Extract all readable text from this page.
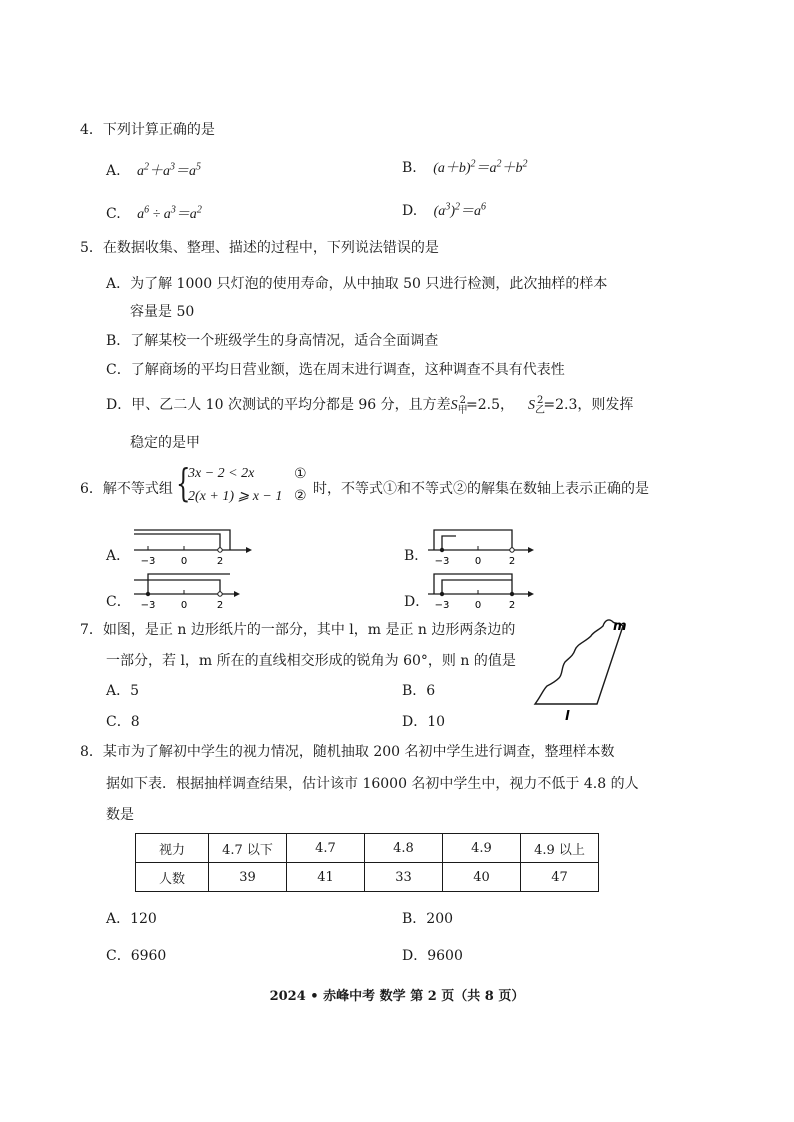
4．下列计算正确的是
A. $a^2+a^3=a^5$	B. $(a+b)^2=a^2+b^2$
C. $a^6 \div a^3=a^2$	D. $(a^3)^2=a^6$
5．在数据收集、整理、描述的过程中，下列说法错误的是
A．为了解 1000 只灯泡的使用寿命，从中抽取 50 只进行检测，此次抽样的样本
容量是 50
B．了解某校一个班级学生的身高情况，适合全面调查
C．了解商场的平均日营业额，选在周末进行调查，这种调查不具有代表性
D．甲、乙二人 10 次测试的平均分都是 96 分，且方差$S_甲^2=2.5$， $S_乙^2=2.3$，则发挥
稳定的是甲
6．解不等式组 {
3x − 2 < 2x	①
2(x + 1) ⩾ x − 1 ② 时，不等式①和不等式②的解集在数轴上表示正确的是
A．	B．
C．	D．
−3	0	2	−3	0	2
−3	0	2	−3	0	2
7．如图，是正 n 边形纸片的一部分，其中 l，m 是正 n 边形两条边的
一部分，若 l，m 所在的直线相交形成的锐角为 60°，则 n 的值是
A．5	B．6
C．8	D．10
m
l
8．某市为了解初中学生的视力情况，随机抽取 200 名初中学生进行调查，整理样本数
据如下表．根据抽样调查结果，估计该市 16000 名初中学生中，视力不低于 4.8 的人
数是
视力	4.7 以下	4.7	4.8	4.9	4.9 以上
人数	39	41	33	40	47
A．120	B．200
C．6960	D．9600
2024 • 赤峰中考 数学 第 2 页（共 8 页）
